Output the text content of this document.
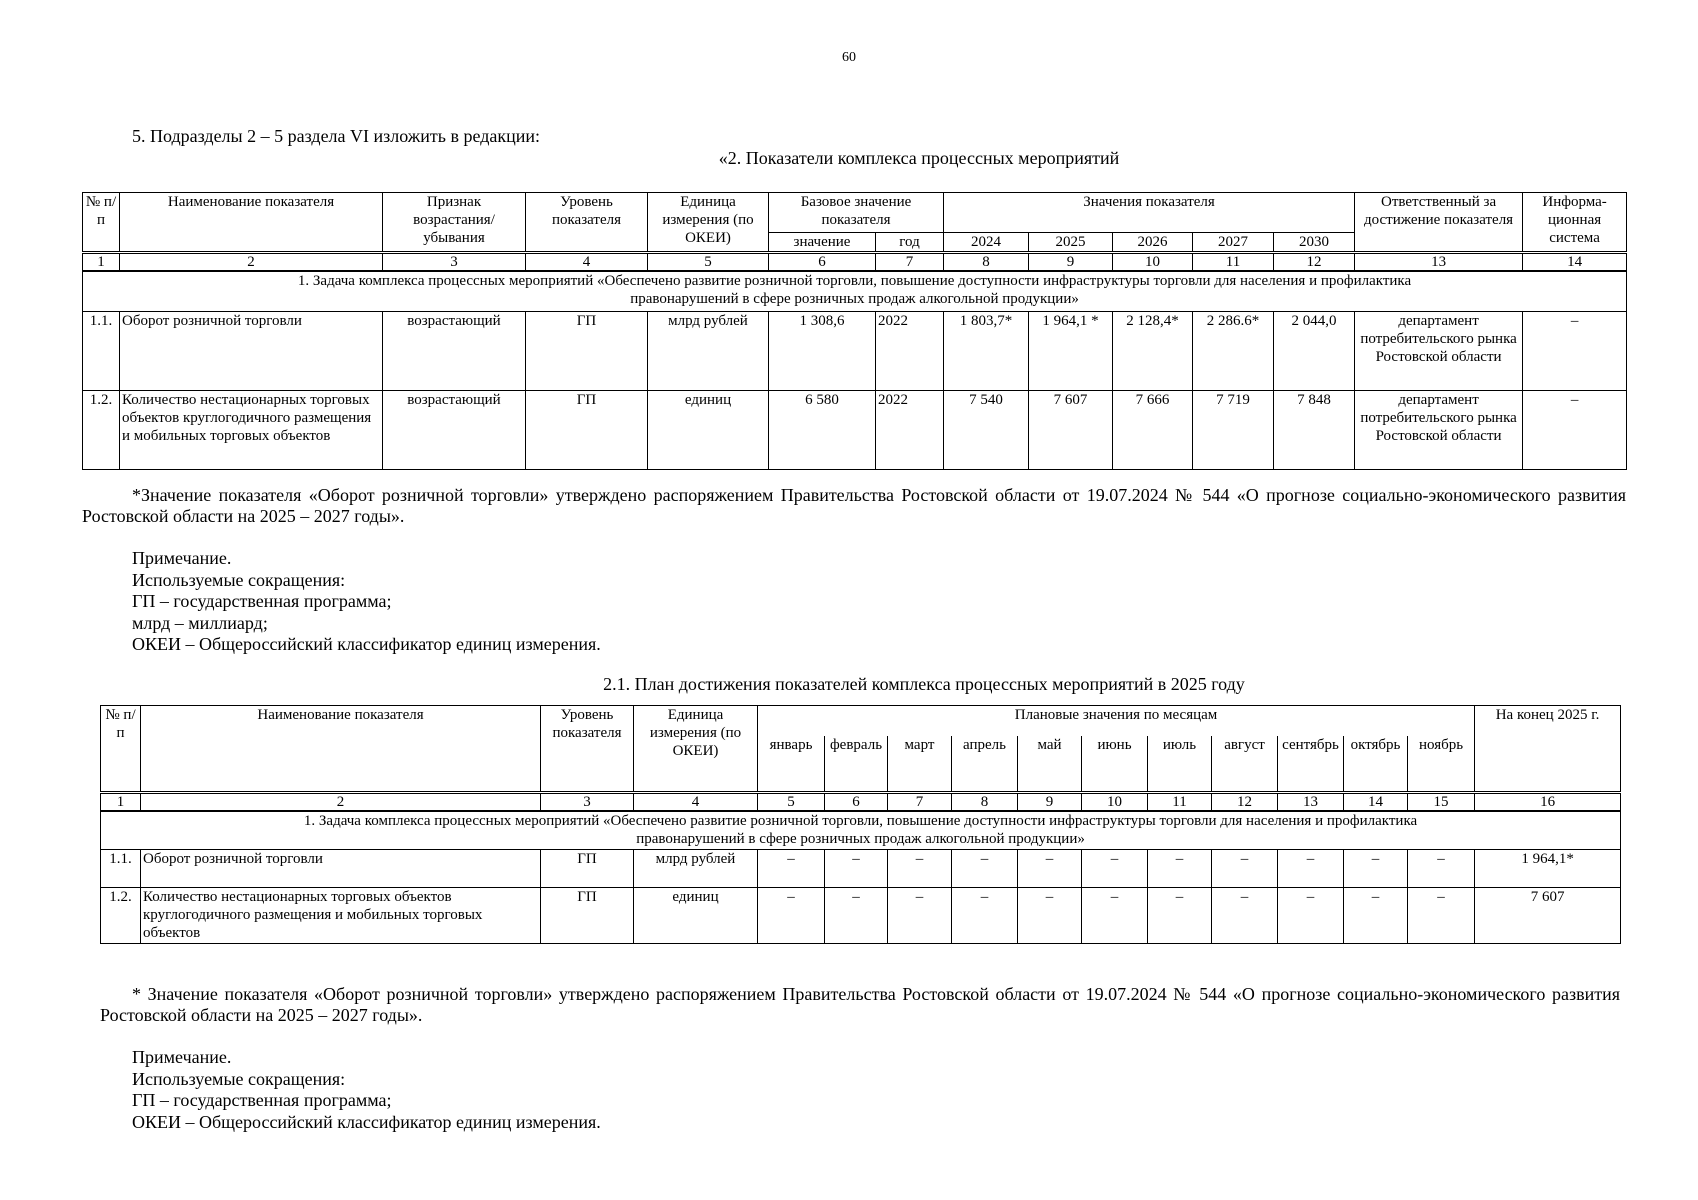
60
5. Подразделы 2 – 5 раздела VI изложить в редакции:
«2. Показатели комплекса процессных мероприятий
№ п/п	Наименование показателя	Признак возрастания/ убывания	Уровень показателя	Единица измерения (по ОКЕИ)	Базовое значение показателя		Значения показателя					Ответственный за достижение показателя	Информа-ционная система
					значение	год	2024	2025	2026	2027	2030		
1	2	3	4	5	6	7	8	9	10	11	12	13	14
1. Задача комплекса процессных мероприятий «Обеспечено развитие розничной торговли, повышение доступности инфраструктуры торговли для населения и профилактика правонарушений в сфере розничных продаж алкогольной продукции»													
1.1.	Оборот розничной торговли	возрастающий	ГП	млрд рублей	1 308,6	2022	1 803,7*	1 964,1 *	2 128,4*	2 286.6*	2 044,0	департамент потребительского рынка Ростовской области	–
1.2.	Количество нестационарных торговых объектов круглогодичного размещения и мобильных торговых объектов	возрастающий	ГП	единиц	6 580	2022	7 540	7 607	7 666	7 719	7 848	департамент потребительского рынка Ростовской области	–
*Значение показателя «Оборот розничной торговли» утверждено распоряжением Правительства Ростовской области от 19.07.2024 № 544 «О прогнозе социально-экономического развития Ростовской области на 2025 – 2027 годы».
Примечание.
Используемые сокращения:
ГП – государственная программа;
млрд – миллиард;
ОКЕИ – Общероссийский классификатор единиц измерения.
2.1. План достижения показателей комплекса процессных мероприятий в 2025 году
№ п/п	Наименование показателя	Уровень показателя	Единица измерения (по ОКЕИ)	Плановые значения по месяцам											На конец 2025 г.
				январь	февраль	март	апрель	май	июнь	июль	август	сентябрь	октябрь	ноябрь	
1	2	3	4	5	6	7	8	9	10	11	12	13	14	15	16
1. Задача комплекса процессных мероприятий «Обеспечено развитие розничной торговли, повышение доступности инфраструктуры торговли для населения и профилактика правонарушений в сфере розничных продаж алкогольной продукции»															
1.1.	Оборот розничной торговли	ГП	млрд рублей	–	–	–	–	–	–	–	–	–	–	–	1 964,1*
1.2.	Количество нестационарных торговых объектов круглогодичного размещения и мобильных торговых объектов	ГП	единиц	–	–	–	–	–	–	–	–	–	–	–	7 607
* Значение показателя «Оборот розничной торговли» утверждено распоряжением Правительства Ростовской области от 19.07.2024 № 544 «О прогнозе социально-экономического развития Ростовской области на 2025 – 2027 годы».
Примечание.
Используемые сокращения:
ГП – государственная программа;
ОКЕИ – Общероссийский классификатор единиц измерения.
